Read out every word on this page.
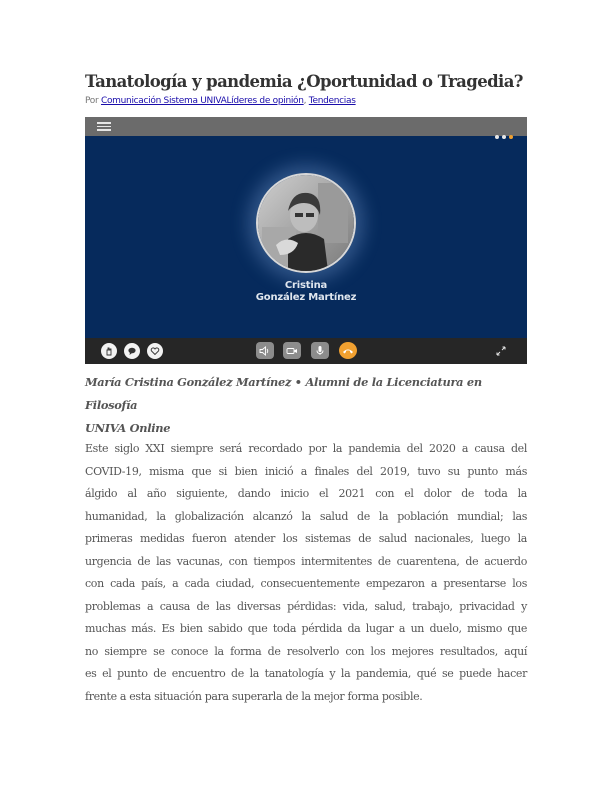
Tanatología y pandemia ¿Oportunidad o Tragedia?
Por Comunicación Sistema UNIVALíderes de opinión, Tendencias
Cristina
González Martínez

María Cristina González Martínez • Alumni de la Licenciatura en Filosofía
UNIVA Online

Este siglo XXI siempre será recordado por la pandemia del 2020 a causa del
COVID-19, misma que si bien inició a finales del 2019, tuvo su punto más
álgido al año siguiente, dando inicio el 2021 con el dolor de toda la
humanidad, la globalización alcanzó la salud de la población mundial; las
primeras medidas fueron atender los sistemas de salud nacionales, luego la
urgencia de las vacunas, con tiempos intermitentes de cuarentena, de acuerdo
con cada país, a cada ciudad, consecuentemente empezaron a presentarse los
problemas a causa de las diversas pérdidas: vida, salud, trabajo, privacidad y
muchas más. Es bien sabido que toda pérdida da lugar a un duelo, mismo que
no siempre se conoce la forma de resolverlo con los mejores resultados, aquí
es el punto de encuentro de la tanatología y la pandemia, qué se puede hacer
frente a esta situación para superarla de la mejor forma posible.
